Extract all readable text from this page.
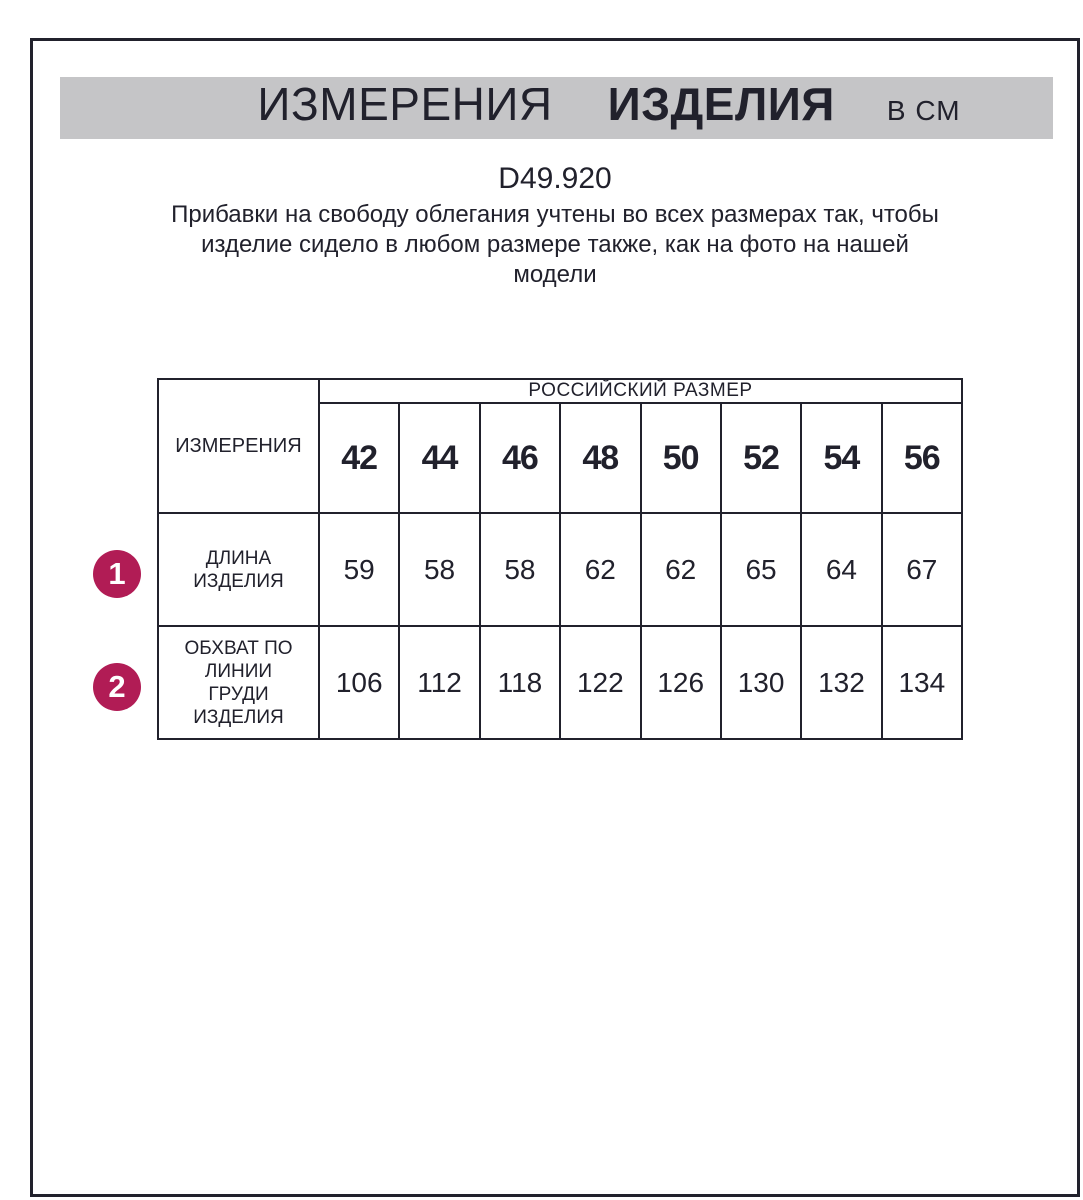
ИЗМЕРЕНИЯ ИЗДЕЛИЯ В СМ
D49.920
Прибавки на свободу облегания учтены во всех размерах так, чтобы
изделие сидело в любом размере также, как на фото на нашей
модели
ИЗМЕРЕНИЯ	РОССИЙСКИЙ РАЗМЕР							
	42	44	46	48	50	52	54	56
ДЛИНА ИЗДЕЛИЯ	59	58	58	62	62	65	64	67
ОБХВАТ ПО ЛИНИИ ГРУДИ ИЗДЕЛИЯ	106	112	118	122	126	130	132	134
1
2
